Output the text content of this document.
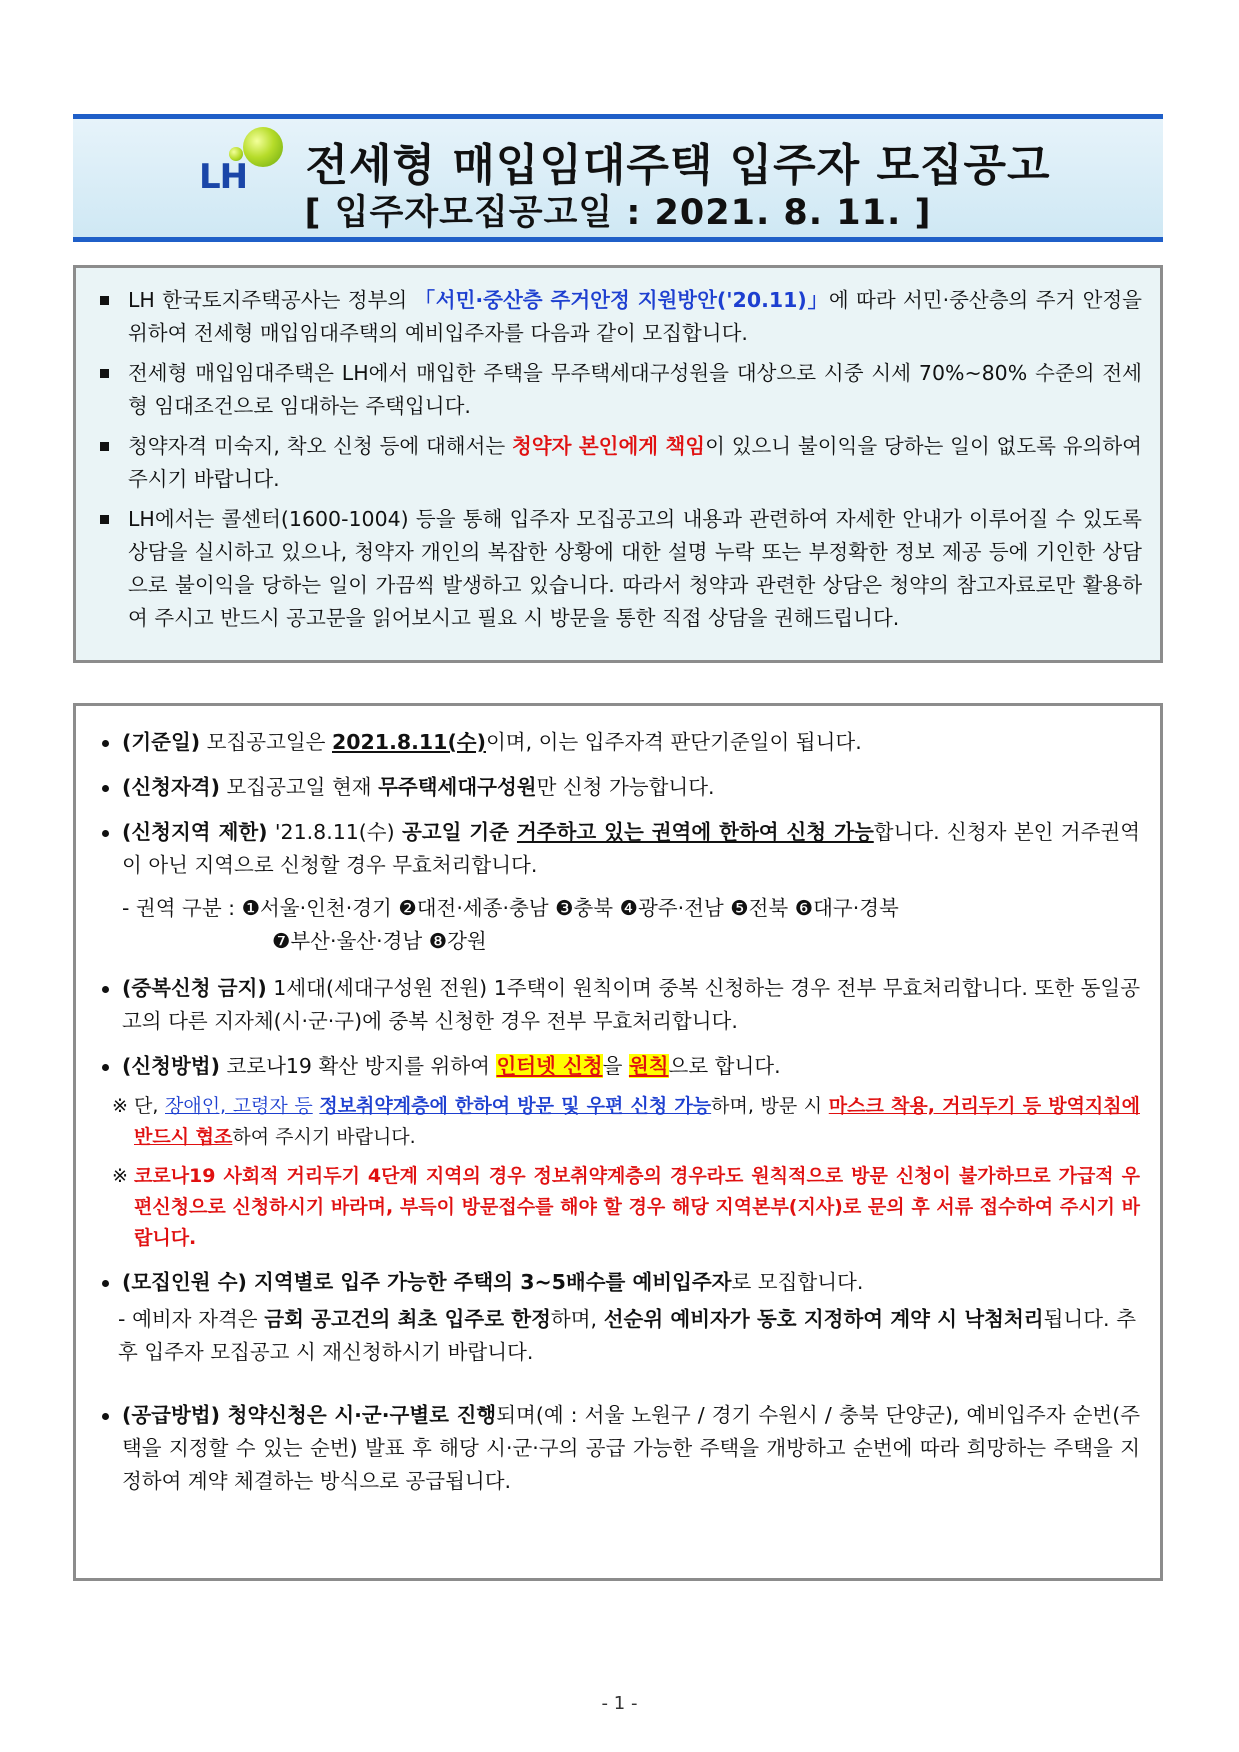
LH	전세형 매입임대주택 입주자 모집공고
[ 입주자모집공고일 : 2021. 8. 11. ]
LH 한국토지주택공사는 정부의 「서민·중산층 주거안정 지원방안('20.11)」에 따라 서민·중산층의 주거 안정을 위하여 전세형 매입임대주택의 예비입주자를 다음과 같이 모집합니다.
전세형 매입임대주택은 LH에서 매입한 주택을 무주택세대구성원을 대상으로 시중 시세 70%~80% 수준의 전세형 임대조건으로 임대하는 주택입니다.
청약자격 미숙지, 착오 신청 등에 대해서는 청약자 본인에게 책임이 있으니 불이익을 당하는 일이 없도록 유의하여 주시기 바랍니다.
LH에서는 콜센터(1600-1004) 등을 통해 입주자 모집공고의 내용과 관련하여 자세한 안내가 이루어질 수 있도록 상담을 실시하고 있으나, 청약자 개인의 복잡한 상황에 대한 설명 누락 또는 부정확한 정보 제공 등에 기인한 상담으로 불이익을 당하는 일이 가끔씩 발생하고 있습니다. 따라서 청약과 관련한 상담은 청약의 참고자료로만 활용하여 주시고 반드시 공고문을 읽어보시고 필요 시 방문을 통한 직접 상담을 권해드립니다.
(기준일) 모집공고일은 2021.8.11(수)이며, 이는 입주자격 판단기준일이 됩니다.
(신청자격) 모집공고일 현재 무주택세대구성원만 신청 가능합니다.
(신청지역 제한) '21.8.11(수) 공고일 기준 거주하고 있는 권역에 한하여 신청 가능합니다. 신청자 본인 거주권역이 아닌 지역으로 신청할 경우 무효처리합니다.
- 권역 구분 : ❶서울·인천·경기 ❷대전·세종·충남 ❸충북 ❹광주·전남 ❺전북 ❻대구·경북
❼부산·울산·경남 ❽강원
(중복신청 금지) 1세대(세대구성원 전원) 1주택이 원칙이며 중복 신청하는 경우 전부 무효처리합니다. 또한 동일공고의 다른 지자체(시·군·구)에 중복 신청한 경우 전부 무효처리합니다.
(신청방법) 코로나19 확산 방지를 위하여 인터넷 신청을 원칙으로 합니다.
※ 단, 장애인, 고령자 등 정보취약계층에 한하여 방문 및 우편 신청 가능하며, 방문 시 마스크 착용, 거리두기 등 방역지침에 반드시 협조하여 주시기 바랍니다.
※ 코로나19 사회적 거리두기 4단계 지역의 경우 정보취약계층의 경우라도 원칙적으로 방문 신청이 불가하므로 가급적 우편신청으로 신청하시기 바라며, 부득이 방문접수를 해야 할 경우 해당 지역본부(지사)로 문의 후 서류 접수하여 주시기 바랍니다.
(모집인원 수) 지역별로 입주 가능한 주택의 3~5배수를 예비입주자로 모집합니다.
- 예비자 자격은 금회 공고건의 최초 입주로 한정하며, 선순위 예비자가 동호 지정하여 계약 시 낙첨처리됩니다. 추후 입주자 모집공고 시 재신청하시기 바랍니다.
(공급방법) 청약신청은 시·군·구별로 진행되며(예 : 서울 노원구 / 경기 수원시 / 충북 단양군), 예비입주자 순번(주택을 지정할 수 있는 순번) 발표 후 해당 시·군·구의 공급 가능한 주택을 개방하고 순번에 따라 희망하는 주택을 지정하여 계약 체결하는 방식으로 공급됩니다.
- 1 -
